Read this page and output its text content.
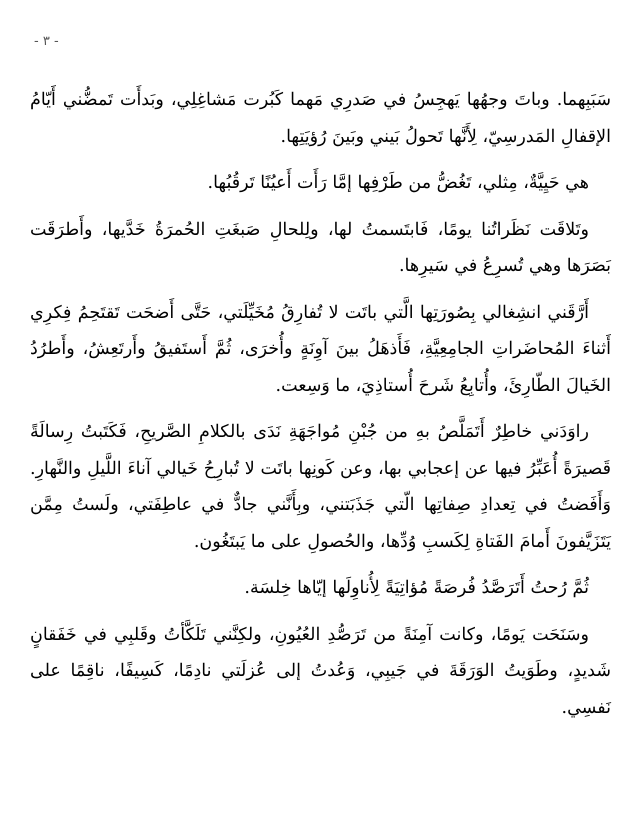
- ٣ -

سَبَبِهما. وباتَ وجهُها يَهجِسُ في صَدرِي مَهما كَبُرت مَشاغِلِي، وبَدأَت تَمضُّني أَيّامُ الإقفالِ المَدرسِيّ، لِأَنَّها تَحولُ بَيني وبَينَ رُؤيَتِها.

هي حَيِيَّةٌ، مِثلي، تَغُضُّ من طَرْفِها إمَّا رَأَت أَعيُنًا تَرقُبُها.

وتَلاقَت نَظَراتُنا يومًا، فَابتَسمتُ لها، ولِلحالِ صَبغَتِ الحُمرَةُ خَدَّيها، وأَطرَقَت بَصَرَها وهي تُسرِعُ في سَيرِها.

أَرَّقَني انشِغالي بِصُورَتِها الَّتي باتَت لا تُفارِقُ مُخَيِّلَتي، حَتَّى أَضحَت تَقتَحِمُ فِكرِي أَثناءَ المُحاضَراتِ الجامِعِيَّةِ، فَأَذهَلُ بينَ آوِنَةٍ وأُخرَى، ثُمَّ أَستَفيقُ وأَرتَعِشُ، وأَطرُدُ الخَيالَ الطّارِئَ، وأُتابِعُ شَرحَ أُستاذِيَ، ما وَسِعت.

راوَدَني خاطِرٌ أَتَمَلَّصُ بهِ من جُبْنِ مُواجَهَةِ نَدَى بالكلامِ الصَّريحِ، فَكَتَبتُ رِسالَةً قَصيرَةً أُعَبِّرُ فيها عن إعجابي بها، وعن كَونِها باتَت لا تُبارِحُ خَيالي آناءَ اللَّيلِ والنَّهارِ. وَأَفَضتُ في تِعدادِ صِفاتِها الّتي جَذَبَتني، وبِأَنَّني جادٌّ في عاطِفَتي، ولَستُ مِمَّن يَتَزَيَّفونَ أَمامَ الفَتاةِ لِكَسبِ وُدِّها، والحُصولِ على ما يَبتَغُون.

ثُمَّ رُحتُ أَتَرَصَّدُ فُرصَةً مُؤاتِيَةً لِأُناوِلَها إيّاها خِلسَة.

وسَنَحَت يَومًا، وكانت آمِنَةً من تَرَصُّدِ العُيُونِ، ولكِنَّني تَلَكَّأتُ وقَلبِي في خَفَقانٍ شَديدٍ، وطَوَيتُ الوَرَقَةَ في جَيبِي، وَعُدتُ إلى عُزلَتي نادِمًا، كَسِيفًا، ناقِمًا على نَفسِي.
